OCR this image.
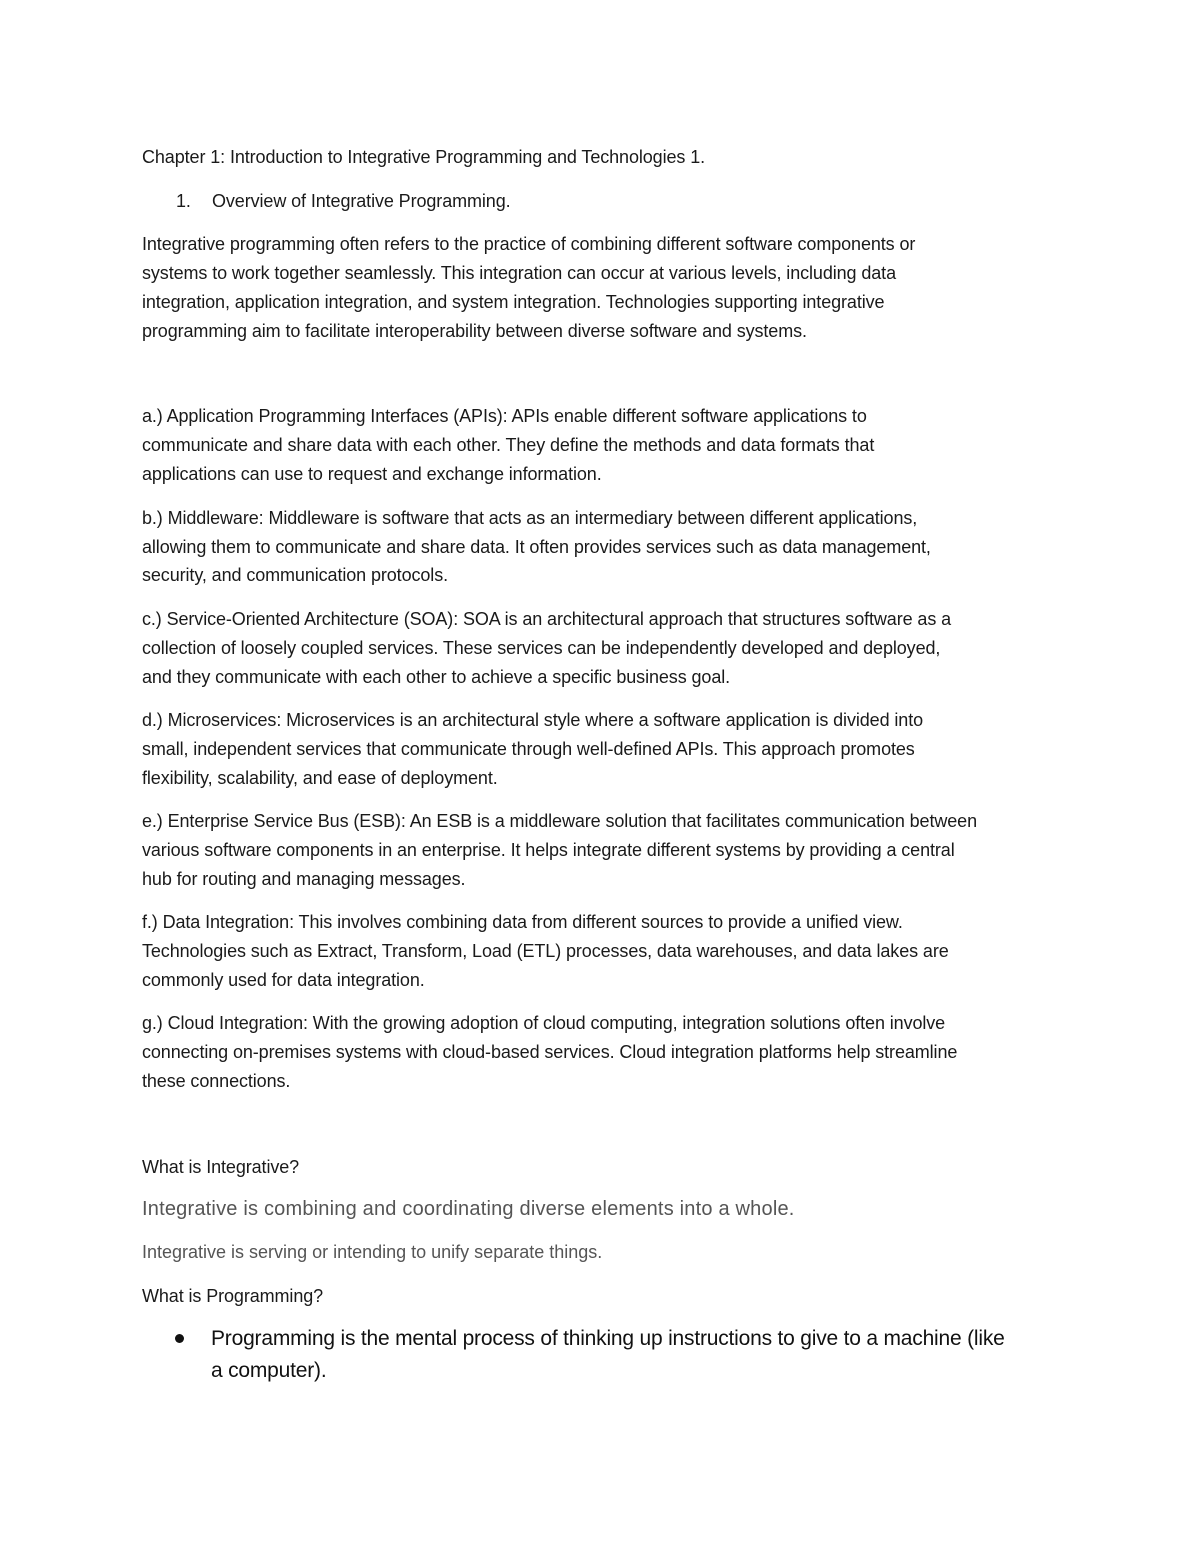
Chapter 1: Introduction to Integrative Programming and Technologies 1.
1. Overview of Integrative Programming.
Integrative programming often refers to the practice of combining different software components or
systems to work together seamlessly. This integration can occur at various levels, including data
integration, application integration, and system integration. Technologies supporting integrative
programming aim to facilitate interoperability between diverse software and systems.
a.) Application Programming Interfaces (APIs): APIs enable different software applications to
communicate and share data with each other. They define the methods and data formats that
applications can use to request and exchange information.
b.) Middleware: Middleware is software that acts as an intermediary between different applications,
allowing them to communicate and share data. It often provides services such as data management,
security, and communication protocols.
c.) Service-Oriented Architecture (SOA): SOA is an architectural approach that structures software as a
collection of loosely coupled services. These services can be independently developed and deployed,
and they communicate with each other to achieve a specific business goal.
d.) Microservices: Microservices is an architectural style where a software application is divided into
small, independent services that communicate through well-defined APIs. This approach promotes
flexibility, scalability, and ease of deployment.
e.) Enterprise Service Bus (ESB): An ESB is a middleware solution that facilitates communication between
various software components in an enterprise. It helps integrate different systems by providing a central
hub for routing and managing messages.
f.) Data Integration: This involves combining data from different sources to provide a unified view.
Technologies such as Extract, Transform, Load (ETL) processes, data warehouses, and data lakes are
commonly used for data integration.
g.) Cloud Integration: With the growing adoption of cloud computing, integration solutions often involve
connecting on-premises systems with cloud-based services. Cloud integration platforms help streamline
these connections.
What is Integrative?
Integrative is combining and coordinating diverse elements into a whole.
Integrative is serving or intending to unify separate things.
What is Programming?
Programming is the mental process of thinking up instructions to give to a machine (like
a computer).
